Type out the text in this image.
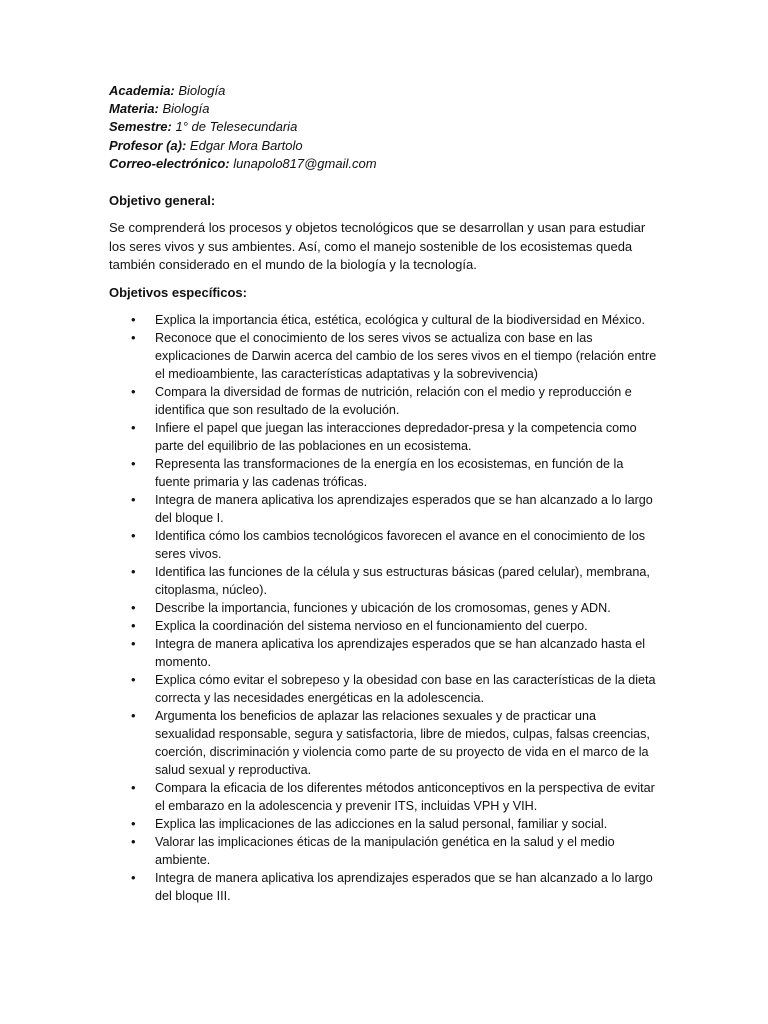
Academia: Biología
Materia: Biología
Semestre: 1° de Telesecundaria
Profesor (a): Edgar Mora Bartolo
Correo-electrónico: lunapolo817@gmail.com

Objetivo general:

Se comprenderá los procesos y objetos tecnológicos que se desarrollan y usan para estudiar los seres vivos y sus ambientes. Así, como el manejo sostenible de los ecosistemas queda también considerado en el mundo de la biología y la tecnología.

Objetivos específicos:

• Explica la importancia ética, estética, ecológica y cultural de la biodiversidad en México.
• Reconoce que el conocimiento de los seres vivos se actualiza con base en las explicaciones de Darwin acerca del cambio de los seres vivos en el tiempo (relación entre el medioambiente, las características adaptativas y la sobrevivencia)
• Compara la diversidad de formas de nutrición, relación con el medio y reproducción e identifica que son resultado de la evolución.
• Infiere el papel que juegan las interacciones depredador-presa y la competencia como parte del equilibrio de las poblaciones en un ecosistema.
• Representa las transformaciones de la energía en los ecosistemas, en función de la fuente primaria y las cadenas tróficas.
• Integra de manera aplicativa los aprendizajes esperados que se han alcanzado a lo largo del bloque I.
• Identifica cómo los cambios tecnológicos favorecen el avance en el conocimiento de los seres vivos.
• Identifica las funciones de la célula y sus estructuras básicas (pared celular), membrana, citoplasma, núcleo).
• Describe la importancia, funciones y ubicación de los cromosomas, genes y ADN.
• Explica la coordinación del sistema nervioso en el funcionamiento del cuerpo.
• Integra de manera aplicativa los aprendizajes esperados que se han alcanzado hasta el momento.
• Explica cómo evitar el sobrepeso y la obesidad con base en las características de la dieta correcta y las necesidades energéticas en la adolescencia.
• Argumenta los beneficios de aplazar las relaciones sexuales y de practicar una sexualidad responsable, segura y satisfactoria, libre de miedos, culpas, falsas creencias, coerción, discriminación y violencia como parte de su proyecto de vida en el marco de la salud sexual y reproductiva.
• Compara la eficacia de los diferentes métodos anticonceptivos en la perspectiva de evitar el embarazo en la adolescencia y prevenir ITS, incluidas VPH y VIH.
• Explica las implicaciones de las adicciones en la salud personal, familiar y social.
• Valorar las implicaciones éticas de la manipulación genética en la salud y el medio ambiente.
• Integra de manera aplicativa los aprendizajes esperados que se han alcanzado a lo largo del bloque III.
